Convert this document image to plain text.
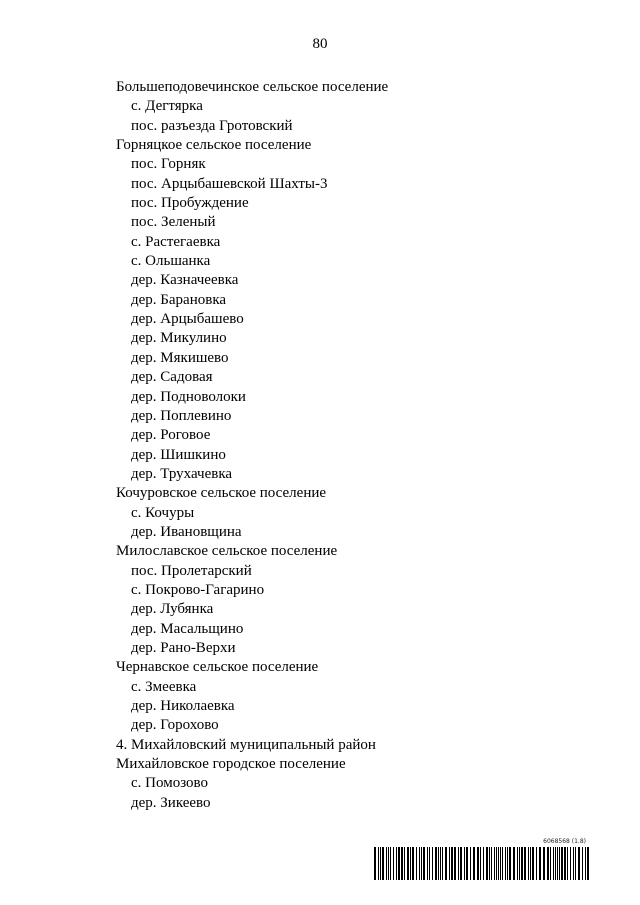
80
Большеподовечинское сельское поселение
с. Дегтярка
пос. разъезда Гротовский
Горняцкое сельское поселение
пос. Горняк
пос. Арцыбашевской Шахты-3
пос. Пробуждение
пос. Зеленый
с. Растегаевка
с. Ольшанка
дер. Казначеевка
дер. Барановка
дер. Арцыбашево
дер. Микулино
дер. Мякишево
дер. Садовая
дер. Подноволоки
дер. Поплевино
дер. Роговое
дер. Шишкино
дер. Трухачевка
Кочуровское сельское поселение
с. Кочуры
дер. Ивановщина
Милославское сельское поселение
пос. Пролетарский
с. Покрово-Гагарино
дер. Лубянка
дер. Масальщино
дер. Рано-Верхи
Чернавское сельское поселение
с. Змеевка
дер. Николаевка
дер. Горохово
4. Михайловский муниципальный район
Михайловское городское поселение
с. Помозово
дер. Зикеево
6068568 (1.8)
